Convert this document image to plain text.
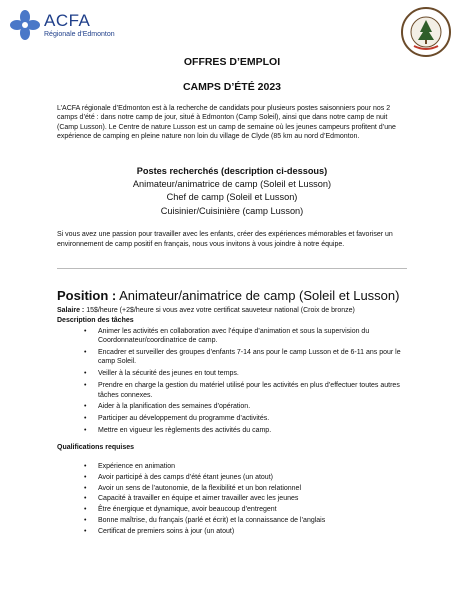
ACFA
Régionale d'Edmonton
OFFRES D’EMPLOI
CAMPS D’ÉTÉ 2023
L’ACFA régionale d’Edmonton est à la recherche de candidats pour plusieurs postes saisonniers pour nos 2 camps d’été : dans notre camp de jour, situé à Edmonton (Camp Soleil), ainsi que dans notre camp de nuit (Camp Lusson). Le Centre de nature Lusson est un camp de semaine où les jeunes campeurs profitent d’une expérience de camping en pleine nature non loin du village de Clyde (85 km au nord d’Edmonton.
Postes recherchés (description ci-dessous)
Animateur/animatrice de camp (Soleil et Lusson)
Chef de camp (Soleil et Lusson)
Cuisinier/Cuisinière (camp Lusson)
Si vous avez une passion pour travailler avec les enfants, créer des expériences mémorables et favoriser un environnement de camp positif en français, nous vous invitons à vous joindre à notre équipe.
Position : Animateur/animatrice de camp (Soleil et Lusson)
Salaire : 15$/heure (+2$/heure si vous avez votre certificat sauveteur national (Croix de bronze)
Description des tâches
• Animer les activités en collaboration avec l’équipe d’animation et sous la supervision du Coordonnateur/coordinatrice de camp.
• Encadrer et surveiller des groupes d’enfants 7-14 ans pour le camp Lusson et de 6-11 ans pour le camp Soleil.
• Veiller à la sécurité des jeunes en tout temps.
• Prendre en charge la gestion du matériel utilisé pour les activités en plus d’effectuer toutes autres tâches connexes.
• Aider à la planification des semaines d’opération.
• Participer au développement du programme d’activités.
• Mettre en vigueur les règlements des activités du camp.
Qualifications requises
• Expérience en animation
• Avoir participé à des camps d’été étant jeunes (un atout)
• Avoir un sens de l’autonomie, de la flexibilité et un bon relationnel
• Capacité à travailler en équipe et aimer travailler avec les jeunes
• Être énergique et dynamique, avoir beaucoup d’entregent
• Bonne maîtrise, du français (parlé et écrit) et la connaissance de l’anglais
• Certificat de premiers soins à jour (un atout)
